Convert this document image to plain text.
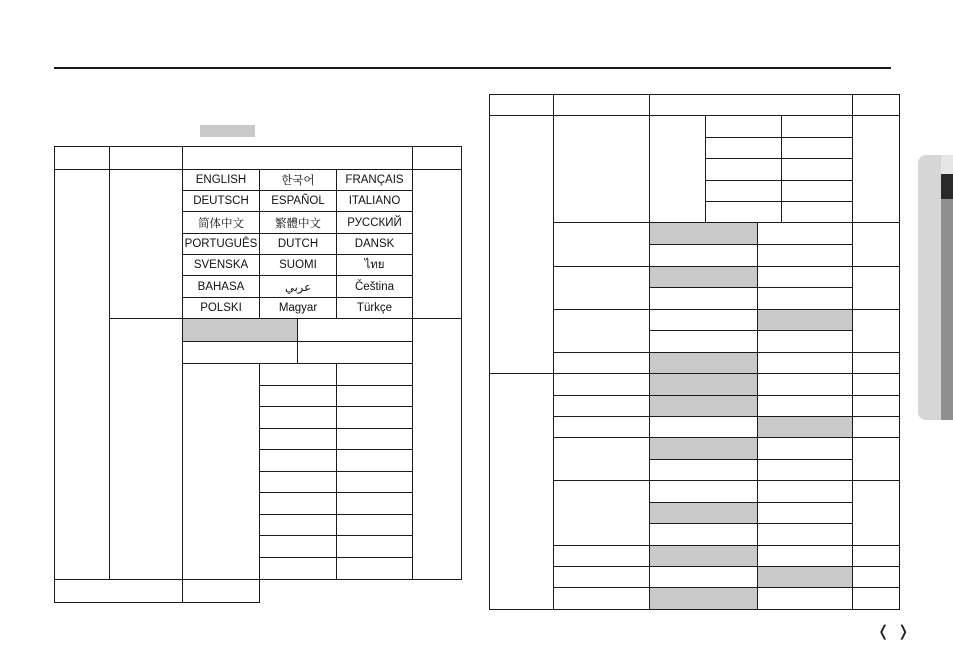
		ENGLISH	한국어		FRANÇAIS	
		DEUTSCH	ESPAÑOL		ITALIANO	
		简体中文	繁體中文		РУССКИЙ	
		PORTUGUÊS	DUTCH		DANSK	
		SVENSKA	SUOMI		ไทย	
		BAHASA	عربي		Čeština	
		POLSKI	Magyar		Türkçe	

❬ ❭
